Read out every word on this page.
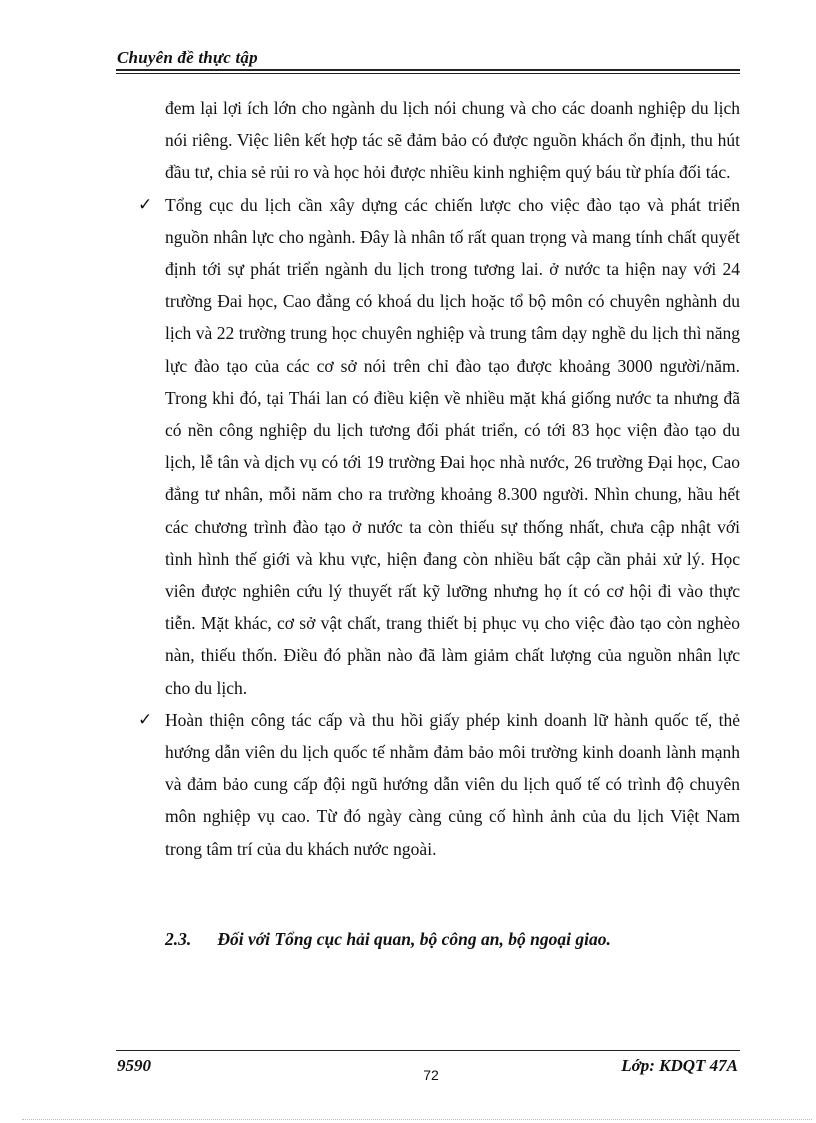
Chuyên đề thực tập

đem lại lợi ích lớn cho ngành du lịch nói chung và cho các doanh nghiệp du lịch nói riêng. Việc liên kết hợp tác sẽ đảm bảo có được nguồn khách ổn định, thu hút đầu tư, chia sẻ rủi ro và học hỏi được nhiều kinh nghiệm quý báu từ phía đối tác.

✓ Tổng cục du lịch cần xây dựng các chiến lược cho việc đào tạo và phát triển nguồn nhân lực cho ngành. Đây là nhân tố rất quan trọng và mang tính chất quyết định tới sự phát triển ngành du lịch trong tương lai. ở nước ta hiện nay với 24 trường Đai học, Cao đẳng có khoá du lịch hoặc tổ bộ môn có chuyên nghành du lịch và 22 trường trung học chuyên nghiệp và trung tâm dạy nghề du lịch thì năng lực đào tạo của các cơ sở nói trên chỉ đào tạo được khoảng 3000 người/năm. Trong khi đó, tại Thái lan có điều kiện về nhiều mặt khá giống nước ta nhưng đã có nền công nghiệp du lịch tương đối phát triển, có tới 83 học viện đào tạo du lịch, lễ tân và dịch vụ có tới 19 trường Đai học nhà nước, 26 trường Đại học, Cao đẳng tư nhân, mỗi năm cho ra trường khoảng 8.300 người. Nhìn chung, hầu hết các chương trình đào tạo ở nước ta còn thiếu sự thống nhất, chưa cập nhật với tình hình thế giới và khu vực, hiện đang còn nhiều bất cập cần phải xử lý. Học viên được nghiên cứu lý thuyết rất kỹ lưỡng nhưng họ ít có cơ hội đi vào thực tiễn. Mặt khác, cơ sở vật chất, trang thiết bị phục vụ cho việc đào tạo còn nghèo nàn, thiếu thốn. Điều đó phần nào đã làm giảm chất lượng của nguồn nhân lực cho du lịch.

✓ Hoàn thiện công tác cấp và thu hồi giấy phép kinh doanh lữ hành quốc tế, thẻ hướng dẫn viên du lịch quốc tế nhằm đảm bảo môi trường kinh doanh lành mạnh và đảm bảo cung cấp đội ngũ hướng dẫn viên du lịch quố tế có trình độ chuyên môn nghiệp vụ cao. Từ đó ngày càng củng cố hình ảnh của du lịch Việt Nam trong tâm trí của du khách nước ngoài.

2.3. Đối với Tổng cục hải quan, bộ công an, bộ ngoại giao.
9590	Lớp: KDQT 47A
72
